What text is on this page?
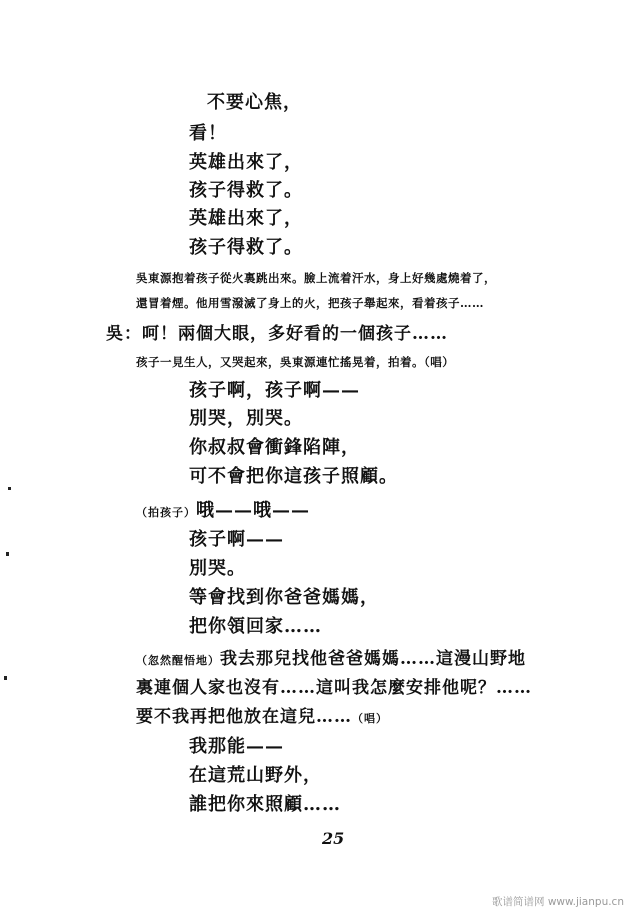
不要心焦，
看！
英雄出來了，
孩子得救了。
英雄出來了，
孩子得救了。
吳東源抱着孩子從火裏跳出來。臉上流着汗水，身上好幾處燒着了，
還冒着煙。他用雪潑滅了身上的火，把孩子舉起來，看着孩子……
吳：呵！兩個大眼，多好看的一個孩子……
孩子一見生人，又哭起來，吳東源連忙搖晃着，拍着。（唱）
孩子啊，孩子啊——
別哭，別哭。
你叔叔會衝鋒陷陣，
可不會把你這孩子照顧。
（拍孩子）哦——哦——
孩子啊——
別哭。
等會找到你爸爸媽媽，
把你領回家……
（忽然醒悟地）我去那兒找他爸爸媽媽……這漫山野地
裏連個人家也沒有……這叫我怎麼安排他呢？……
要不我再把他放在這兒……（唱）
我那能——
在這荒山野外，
誰把你來照顧……
25
歌谱简谱网 www.jianpu.cn
